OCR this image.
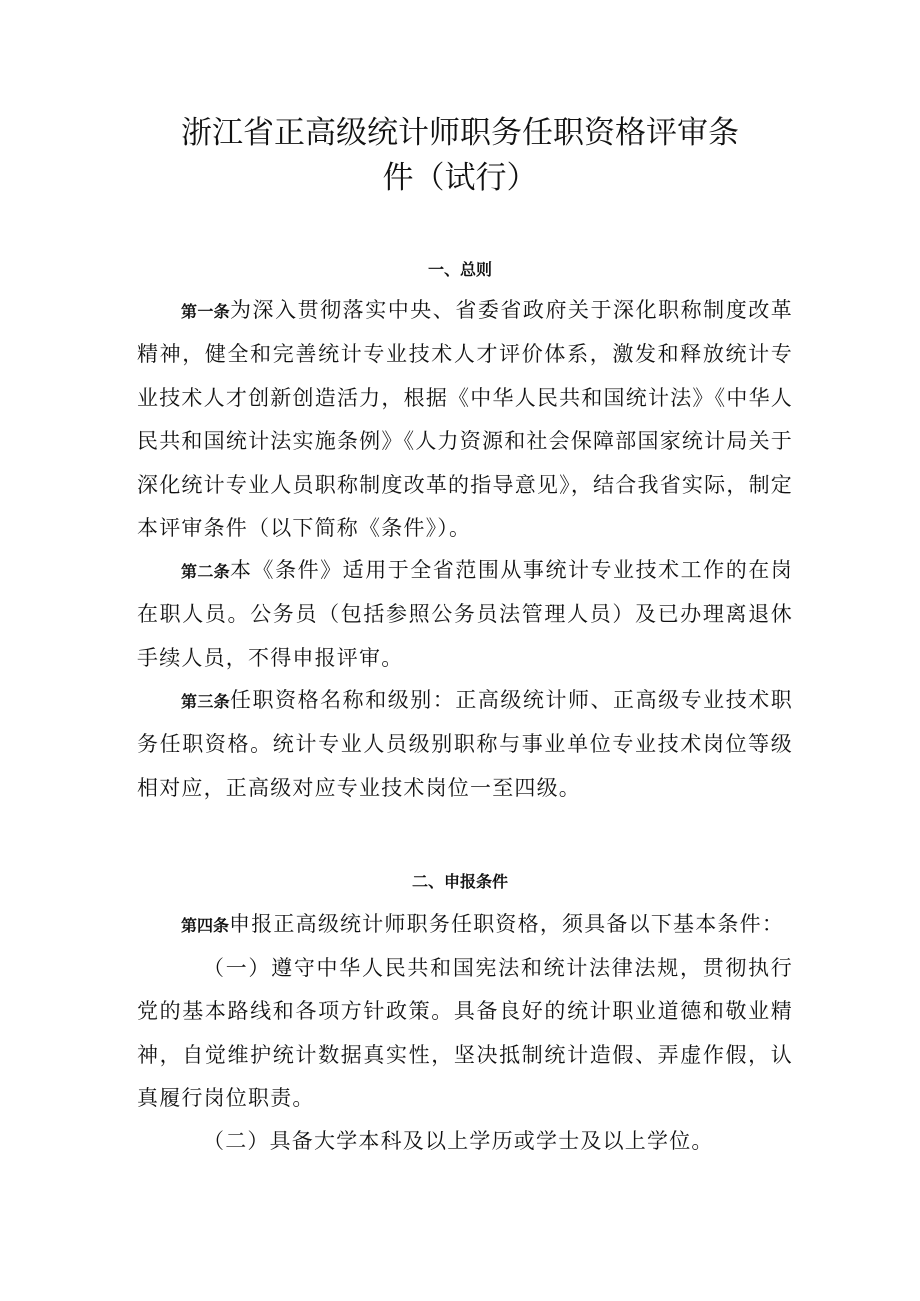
浙江省正高级统计师职务任职资格评审条
件（试行）
一、总则

第一条为深入贯彻落实中央、省委省政府关于深化职称制度改革精神，健全和完善统计专业技术人才评价体系，激发和释放统计专业技术人才创新创造活力，根据《中华人民共和国统计法》《中华人民共和国统计法实施条例》《人力资源和社会保障部国家统计局关于深化统计专业人员职称制度改革的指导意见》，结合我省实际，制定本评审条件（以下简称《条件》）。

第二条本《条件》适用于全省范围从事统计专业技术工作的在岗在职人员。公务员（包括参照公务员法管理人员）及已办理离退休手续人员，不得申报评审。

第三条任职资格名称和级别：正高级统计师、正高级专业技术职务任职资格。统计专业人员级别职称与事业单位专业技术岗位等级相对应，正高级对应专业技术岗位一至四级。

二、申报条件

第四条申报正高级统计师职务任职资格，须具备以下基本条件：

（一）遵守中华人民共和国宪法和统计法律法规，贯彻执行党的基本路线和各项方针政策。具备良好的统计职业道德和敬业精神，自觉维护统计数据真实性，坚决抵制统计造假、弄虚作假，认真履行岗位职责。

（二）具备大学本科及以上学历或学士及以上学位。
